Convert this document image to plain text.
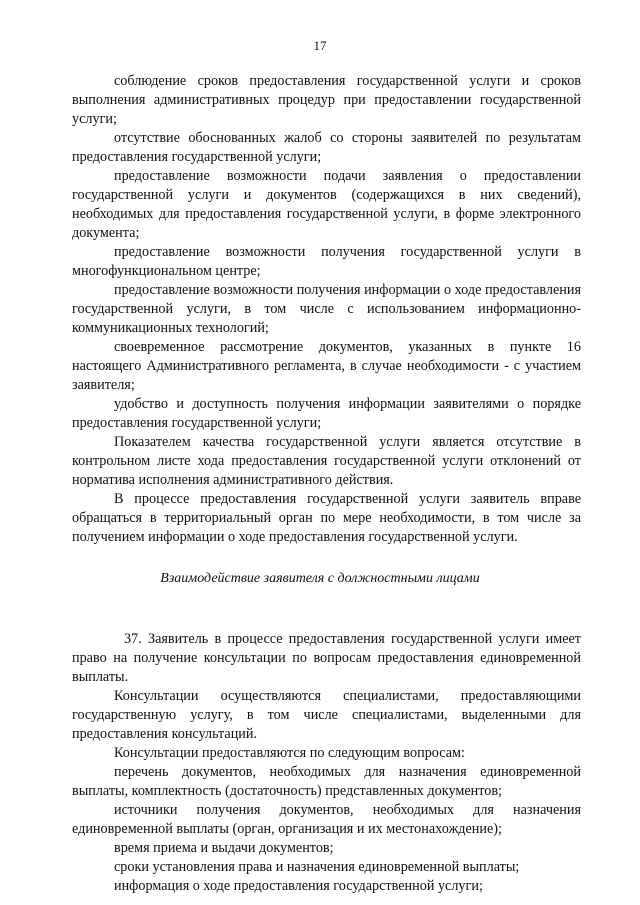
17

соблюдение сроков предоставления государственной услуги и сроков выполнения административных процедур при предоставлении государственной услуги;

отсутствие обоснованных жалоб со стороны заявителей по результатам предоставления государственной услуги;

предоставление возможности подачи заявления о предоставлении государственной услуги и документов (содержащихся в них сведений), необходимых для предоставления государственной услуги, в форме электронного документа;

предоставление возможности получения государственной услуги в многофункциональном центре;

предоставление возможности получения информации о ходе предоставления государственной услуги, в том числе с использованием информационно-коммуникационных технологий;

своевременное рассмотрение документов, указанных в пункте 16 настоящего Административного регламента, в случае необходимости - с участием заявителя;

удобство и доступность получения информации заявителями о порядке предоставления государственной услуги;

Показателем качества государственной услуги является отсутствие в контрольном листе хода предоставления государственной услуги отклонений от норматива исполнения административного действия.

В процессе предоставления государственной услуги заявитель вправе обращаться в территориальный орган по мере необходимости, в том числе за получением информации о ходе предоставления государственной услуги.

Взаимодействие заявителя с должностными лицами

37. Заявитель в процессе предоставления государственной услуги имеет право на получение консультации по вопросам предоставления единовременной выплаты.

Консультации осуществляются специалистами, предоставляющими государственную услугу, в том числе специалистами, выделенными для предоставления консультаций.

Консультации предоставляются по следующим вопросам:

перечень документов, необходимых для назначения единовременной выплаты, комплектность (достаточность) представленных документов;

источники получения документов, необходимых для назначения единовременной выплаты (орган, организация и их местонахождение);

время приема и выдачи документов;

сроки установления права и назначения единовременной выплаты;

информация о ходе предоставления государственной услуги;
